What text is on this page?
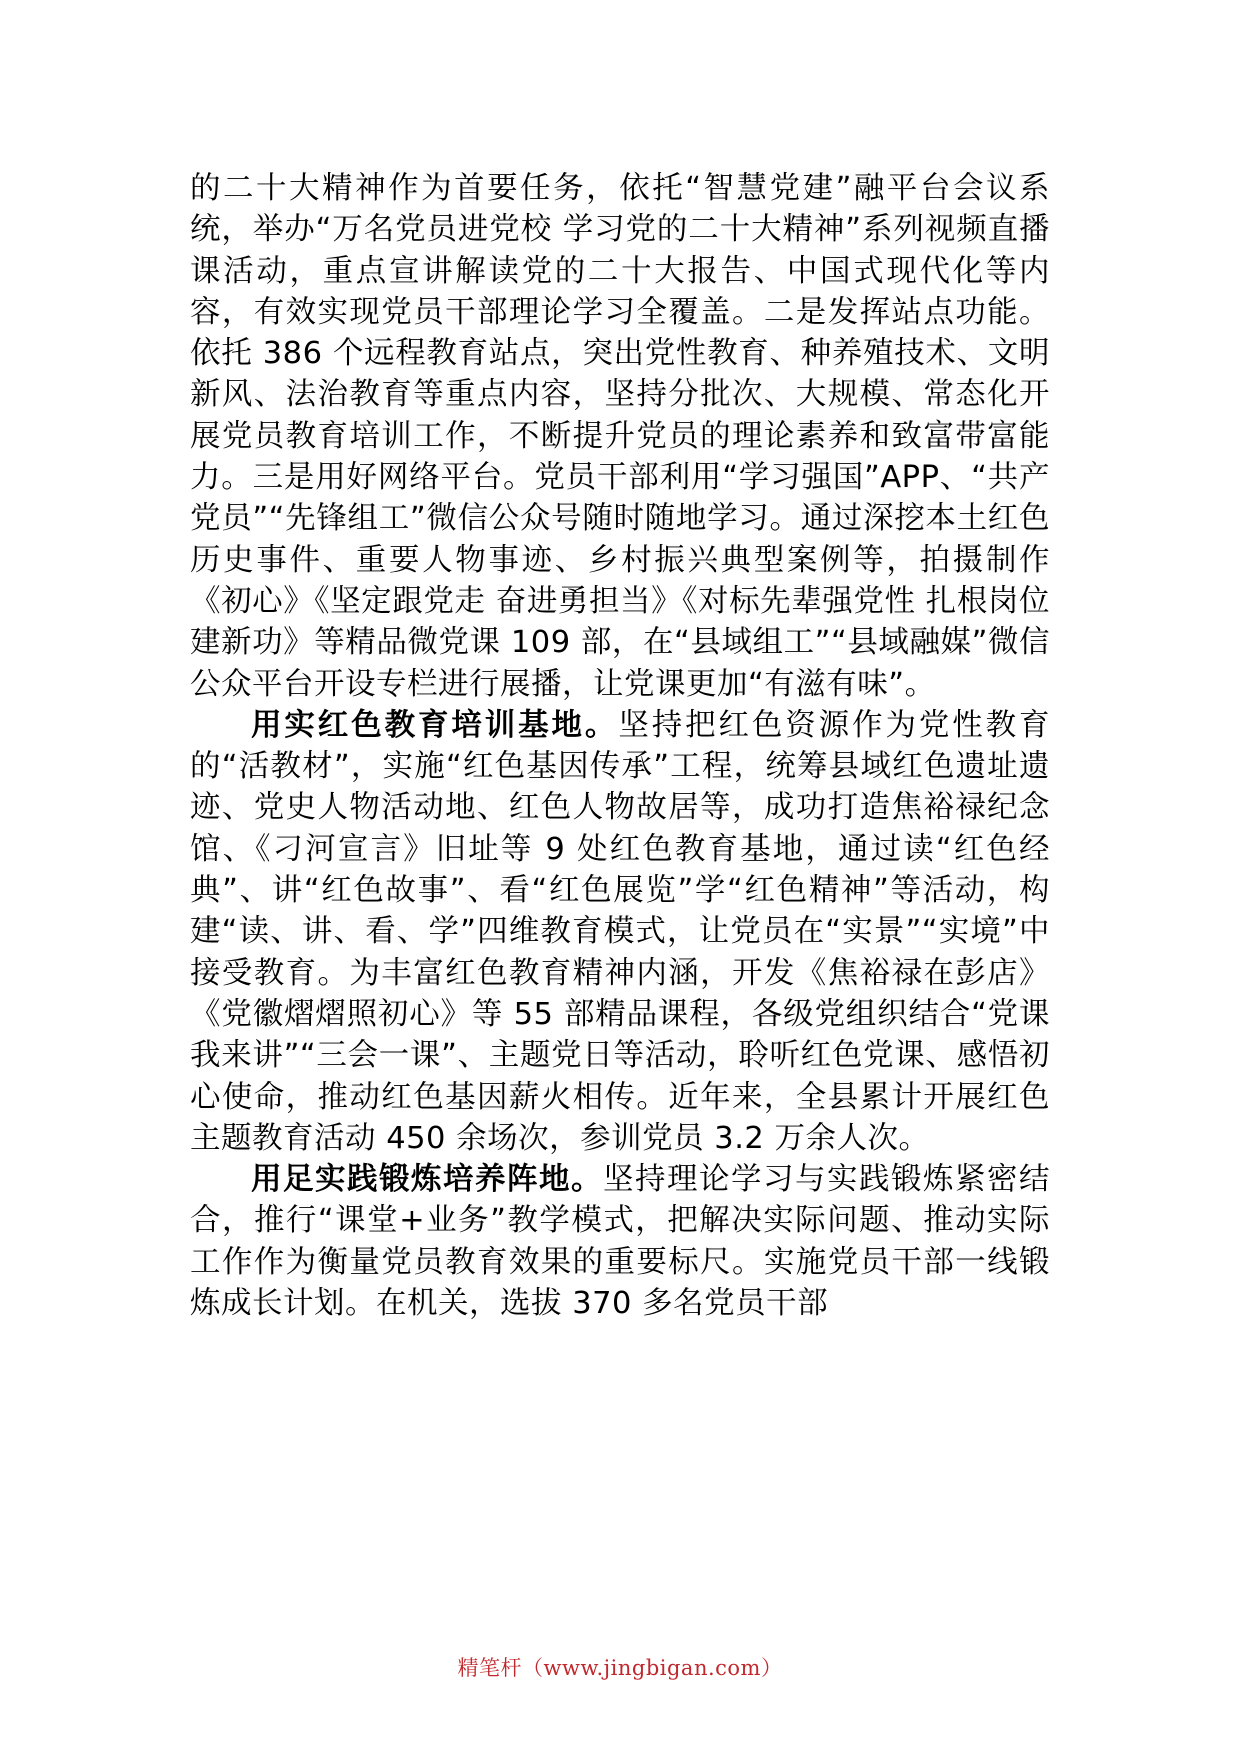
的二十大精神作为首要任务，依托“智慧党建”融平台会议系统，举办“万名党员进党校 学习党的二十大精神”系列视频直播课活动，重点宣讲解读党的二十大报告、中国式现代化等内容，有效实现党员干部理论学习全覆盖。二是发挥站点功能。依托 386 个远程教育站点，突出党性教育、种养殖技术、文明新风、法治教育等重点内容，坚持分批次、大规模、常态化开展党员教育培训工作，不断提升党员的理论素养和致富带富能力。三是用好网络平台。党员干部利用“学习强国”APP、“共产党员”“先锋组工”微信公众号随时随地学习。通过深挖本土红色历史事件、重要人物事迹、乡村振兴典型案例等，拍摄制作《初心》《坚定跟党走 奋进勇担当》《对标先辈强党性 扎根岗位建新功》等精品微党课 109 部，在“县域组工”“县域融媒”微信公众平台开设专栏进行展播，让党课更加“有滋有味”。

用实红色教育培训基地。坚持把红色资源作为党性教育的“活教材”，实施“红色基因传承”工程，统筹县域红色遗址遗迹、党史人物活动地、红色人物故居等，成功打造焦裕禄纪念馆、《刁河宣言》旧址等 9 处红色教育基地，通过读“红色经典”、讲“红色故事”、看“红色展览”学“红色精神”等活动，构建“读、讲、看、学”四维教育模式，让党员在“实景”“实境”中接受教育。为丰富红色教育精神内涵，开发《焦裕禄在彭店》《党徽熠熠照初心》等 55 部精品课程，各级党组织结合“党课我来讲”“三会一课”、主题党日等活动，聆听红色党课、感悟初心使命，推动红色基因薪火相传。近年来，全县累计开展红色主题教育活动 450 余场次，参训党员 3.2 万余人次。

用足实践锻炼培养阵地。坚持理论学习与实践锻炼紧密结合，推行“课堂+业务”教学模式，把解决实际问题、推动实际工作作为衡量党员教育效果的重要标尺。实施党员干部一线锻炼成长计划。在机关，选拔 370 多名党员干部

精笔杆（www.jingbigan.com）
